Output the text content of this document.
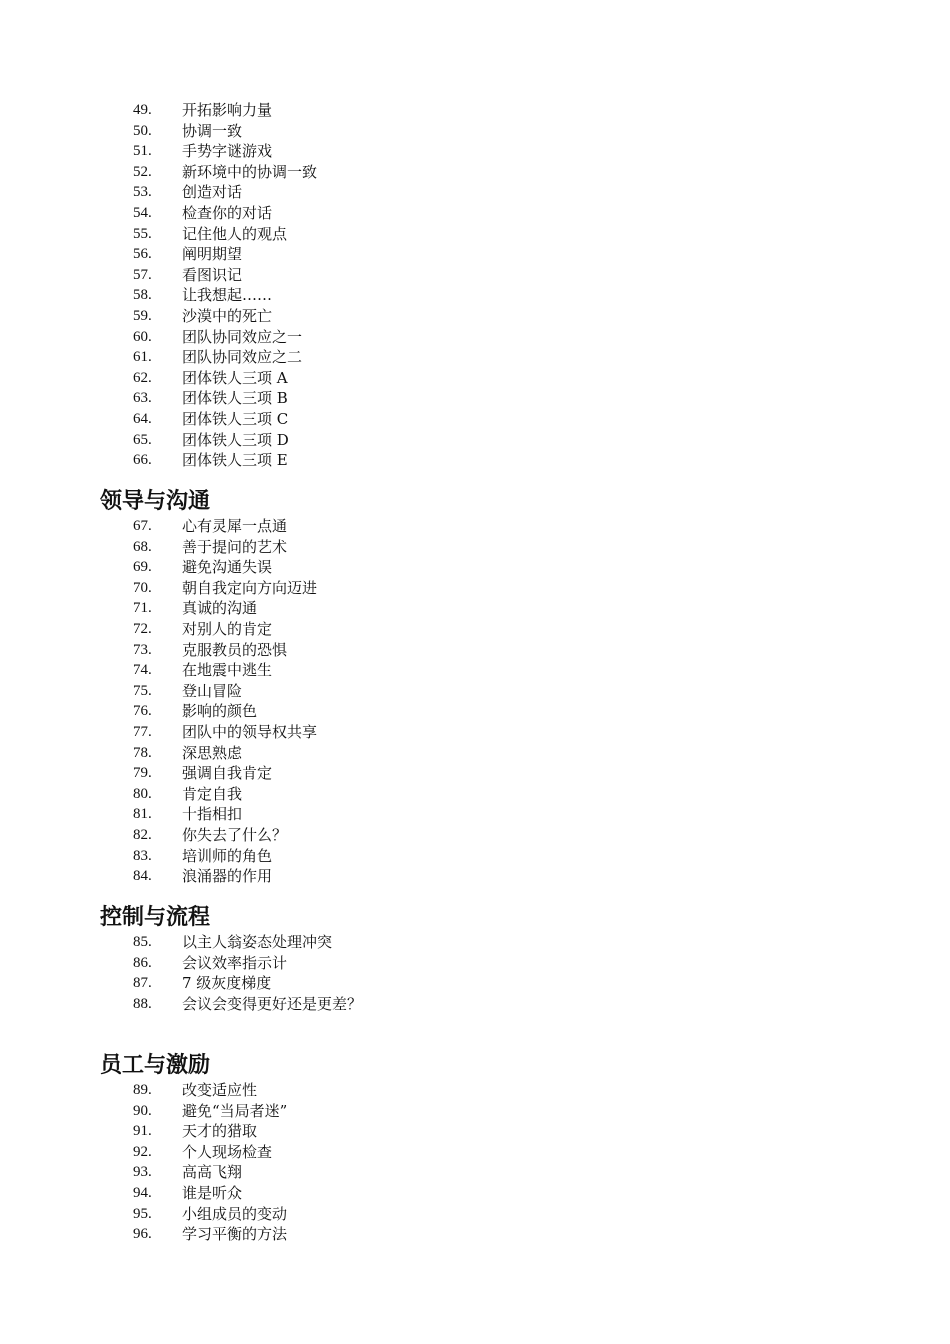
49. 开拓影响力量
50. 协调一致
51. 手势字谜游戏
52. 新环境中的协调一致
53. 创造对话
54. 检查你的对话
55. 记住他人的观点
56. 阐明期望
57. 看图识记
58. 让我想起……
59. 沙漠中的死亡
60. 团队协同效应之一
61. 团队协同效应之二
62. 团体铁人三项 A
63. 团体铁人三项 B
64. 团体铁人三项 C
65. 团体铁人三项 D
66. 团体铁人三项 E
领导与沟通
67. 心有灵犀一点通
68. 善于提问的艺术
69. 避免沟通失误
70. 朝自我定向方向迈进
71. 真诚的沟通
72. 对别人的肯定
73. 克服教员的恐惧
74. 在地震中逃生
75. 登山冒险
76. 影响的颜色
77. 团队中的领导权共享
78. 深思熟虑
79. 强调自我肯定
80. 肯定自我
81. 十指相扣
82. 你失去了什么？
83. 培训师的角色
84. 浪涌器的作用
控制与流程
85. 以主人翁姿态处理冲突
86. 会议效率指示计
87. 7 级灰度梯度
88. 会议会变得更好还是更差？
员工与激励
89. 改变适应性
90. 避免“当局者迷”
91. 天才的猎取
92. 个人现场检查
93. 高高飞翔
94. 谁是听众
95. 小组成员的变动
96. 学习平衡的方法
